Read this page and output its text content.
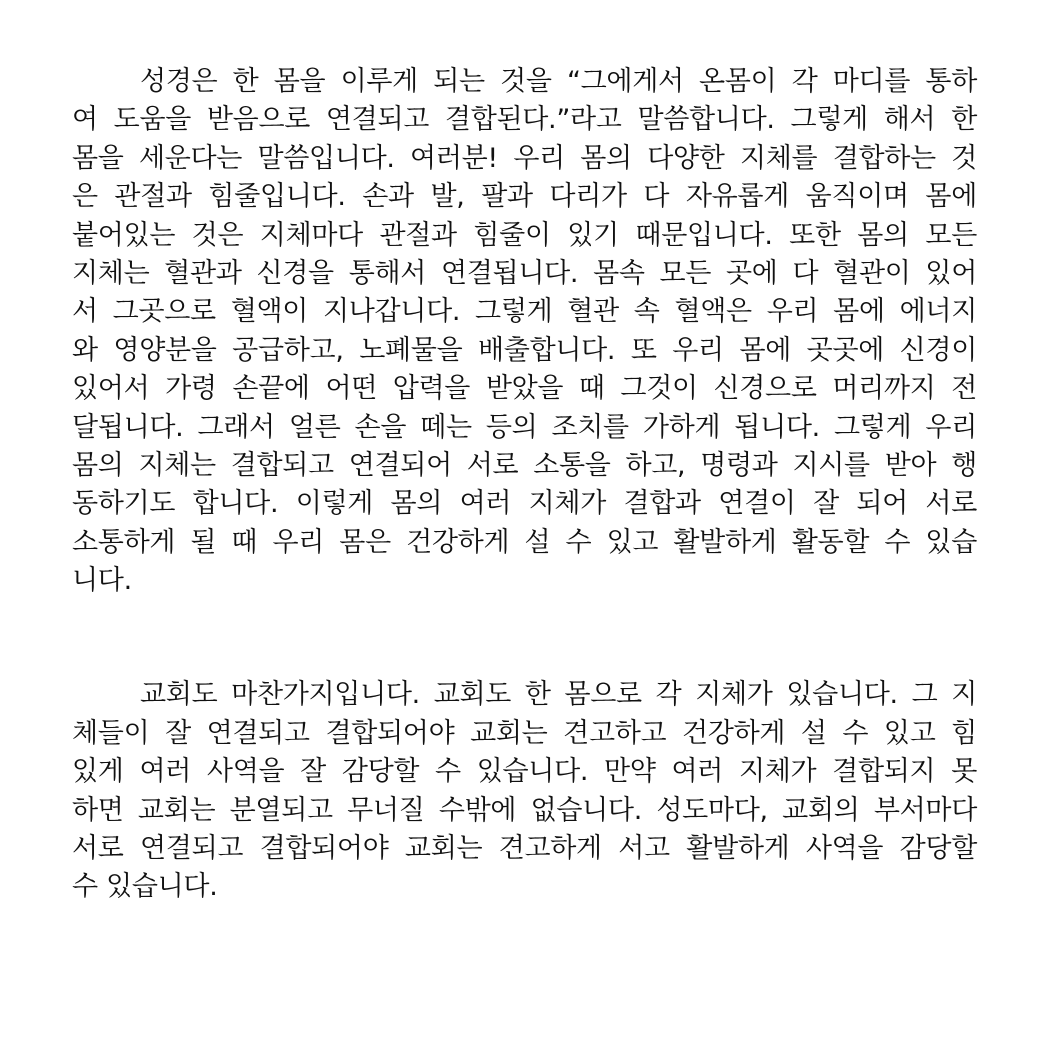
성경은 한 몸을 이루게 되는 것을 “그에게서 온몸이 각 마디를 통하
여 도움을 받음으로 연결되고 결합된다.”라고 말씀합니다. 그렇게 해서 한
몸을 세운다는 말씀입니다. 여러분! 우리 몸의 다양한 지체를 결합하는 것
은 관절과 힘줄입니다. 손과 발, 팔과 다리가 다 자유롭게 움직이며 몸에
붙어있는 것은 지체마다 관절과 힘줄이 있기 때문입니다. 또한 몸의 모든
지체는 혈관과 신경을 통해서 연결됩니다. 몸속 모든 곳에 다 혈관이 있어
서 그곳으로 혈액이 지나갑니다. 그렇게 혈관 속 혈액은 우리 몸에 에너지
와 영양분을 공급하고, 노폐물을 배출합니다. 또 우리 몸에 곳곳에 신경이
있어서 가령 손끝에 어떤 압력을 받았을 때 그것이 신경으로 머리까지 전
달됩니다. 그래서 얼른 손을 떼는 등의 조치를 가하게 됩니다. 그렇게 우리
몸의 지체는 결합되고 연결되어 서로 소통을 하고, 명령과 지시를 받아 행
동하기도 합니다. 이렇게 몸의 여러 지체가 결합과 연결이 잘 되어 서로
소통하게 될 때 우리 몸은 건강하게 설 수 있고 활발하게 활동할 수 있습
니다.
교회도 마찬가지입니다. 교회도 한 몸으로 각 지체가 있습니다. 그 지
체들이 잘 연결되고 결합되어야 교회는 견고하고 건강하게 설 수 있고 힘
있게 여러 사역을 잘 감당할 수 있습니다. 만약 여러 지체가 결합되지 못
하면 교회는 분열되고 무너질 수밖에 없습니다. 성도마다, 교회의 부서마다
서로 연결되고 결합되어야 교회는 견고하게 서고 활발하게 사역을 감당할
수 있습니다.
